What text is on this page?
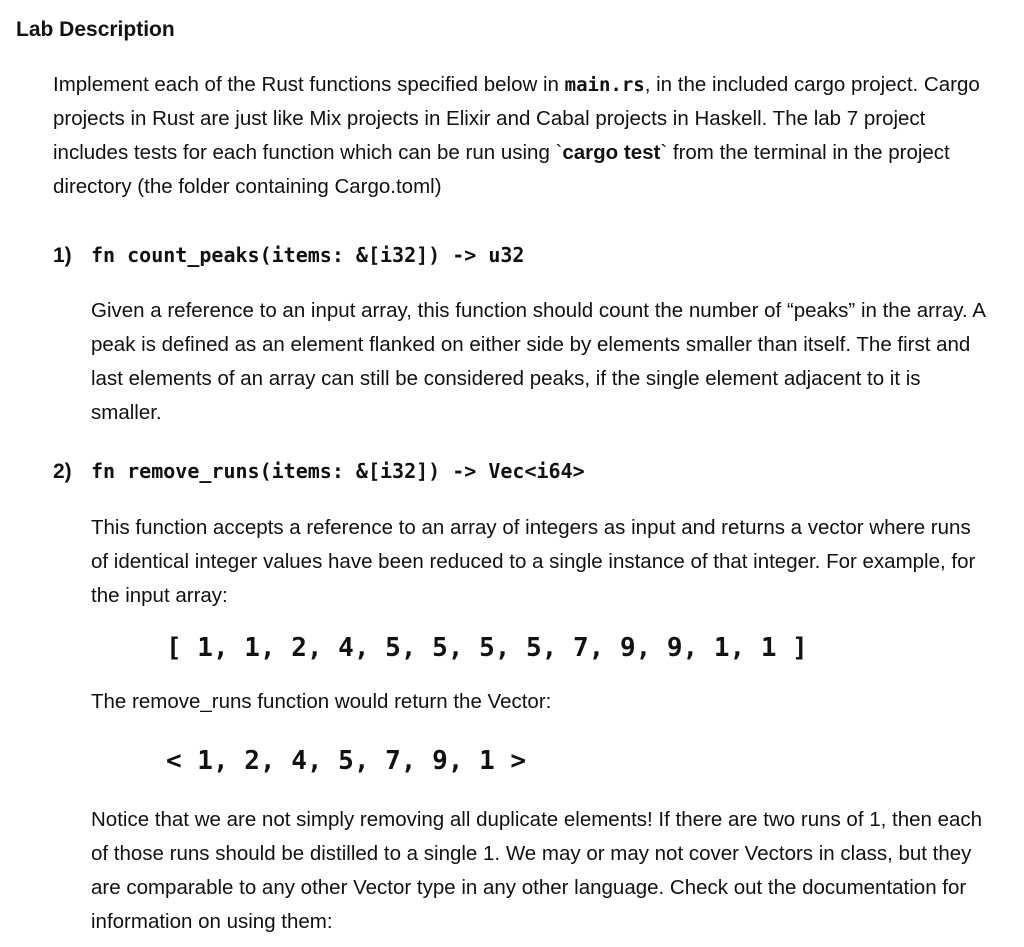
Lab Description

Implement each of the Rust functions specified below in main.rs, in the included cargo project. Cargo projects in Rust are just like Mix projects in Elixir and Cabal projects in Haskell. The lab 7 project includes tests for each function which can be run using `cargo test` from the terminal in the project directory (the folder containing Cargo.toml)

1) fn count_peaks(items: &[i32]) -> u32

Given a reference to an input array, this function should count the number of “peaks” in the array. A peak is defined as an element flanked on either side by elements smaller than itself. The first and last elements of an array can still be considered peaks, if the single element adjacent to it is smaller.

2) fn remove_runs(items: &[i32]) -> Vec<i64>

This function accepts a reference to an array of integers as input and returns a vector where runs of identical integer values have been reduced to a single instance of that integer. For example, for the input array:

[ 1, 1, 2, 4, 5, 5, 5, 5, 7, 9, 9, 1, 1 ]
The remove_runs function would return the Vector:
< 1, 2, 4, 5, 7, 9, 1 >

Notice that we are not simply removing all duplicate elements! If there are two runs of 1, then each of those runs should be distilled to a single 1. We may or may not cover Vectors in class, but they are comparable to any other Vector type in any other language. Check out the documentation for information on using them:
